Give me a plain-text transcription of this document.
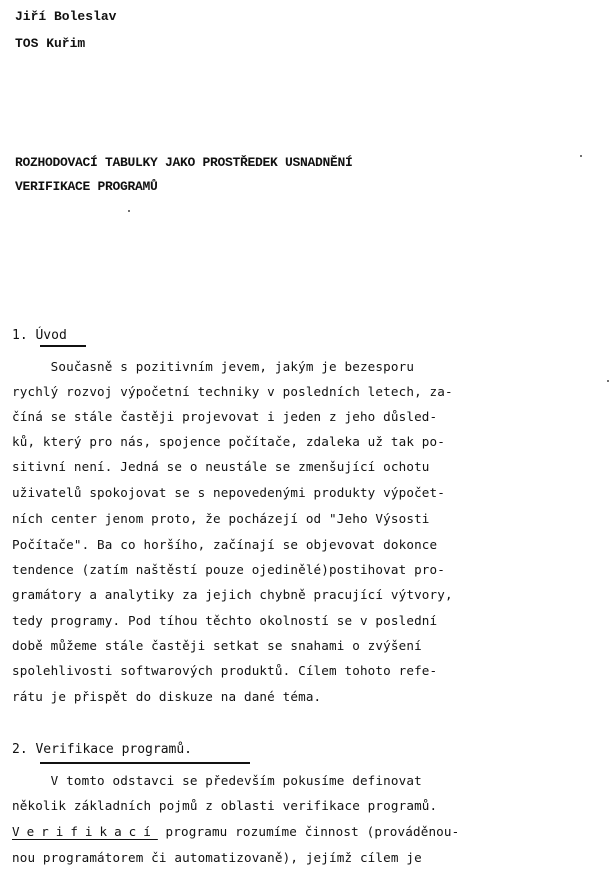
Jiří Boleslav
TOS Kuřim
ROZHODOVACÍ TABULKY JAKO PROSTŘEDEK USNADNĚNÍ
VERIFIKACE PROGRAMŮ
1. Úvod
Současně s pozitivním jevem, jakým je bezesporu
rychlý rozvoj výpočetní techniky v posledních letech, za-
číná se stále častěji projevovat i jeden z jeho důsled-
ků, který pro nás, spojence počítače, zdaleka už tak po-
sitivní není. Jedná se o neustále se zmenšující ochotu
uživatelů spokojovat se s nepovedenými produkty výpočet-
ních center jenom proto, že pocházejí od "Jeho Výsosti
Počítače". Ba co horšího, začínají se objevovat dokonce
tendence (zatím naštěstí pouze ojedinělé)postihovat pro-
gramátory a analytiky za jejich chybně pracující výtvory,
tedy programy. Pod tíhou těchto okolností se v poslední
době můžeme stále častěji setkat se snahami o zvýšení
spolehlivosti softwarových produktů. Cílem tohoto refe-
rátu je přispět do diskuze na dané téma.
2. Verifikace programů.
V tomto odstavci se především pokusíme definovat
několik základních pojmů z oblasti verifikace programů.
Verifikací programu rozumíme činnost (prováděnou-
nou programátorem či automatizovaně), jejímž cílem je
